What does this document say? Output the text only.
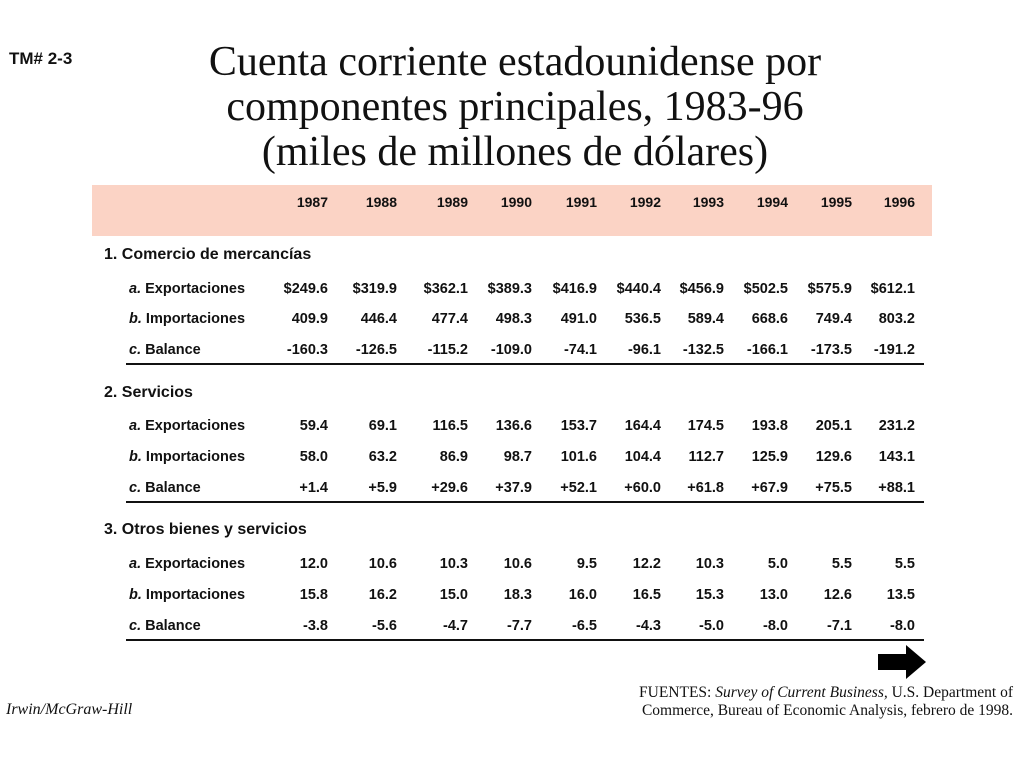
TM# 2-3	Cuenta corriente estadounidense por
componentes principales, 1983-96
(miles de millones de dólares)
Irwin/McGraw-Hill
FUENTES: Survey of Current Business, U.S. Department of
Commerce, Bureau of Economic Analysis, febrero de 1998.
1987	1988	1989	1990	1991	1992	1993	1994	1995	1996
1. Comercio de mercancías
a. Exportaciones	$249.6	$319.9	$362.1	$389.3	$416.9	$440.4	$456.9	$502.5	$575.9	$612.1
b. Importaciones	409.9	446.4	477.4	498.3	491.0	536.5	589.4	668.6	749.4	803.2
c. Balance	-160.3	-126.5	-115.2	-109.0	-74.1	-96.1	-132.5	-166.1	-173.5	-191.2
2. Servicios
a. Exportaciones	59.4	69.1	116.5	136.6	153.7	164.4	174.5	193.8	205.1	231.2
b. Importaciones	58.0	63.2	86.9	98.7	101.6	104.4	112.7	125.9	129.6	143.1
c. Balance	+1.4	+5.9	+29.6	+37.9	+52.1	+60.0	+61.8	+67.9	+75.5	+88.1
3. Otros bienes y servicios
a. Exportaciones	12.0	10.6	10.3	10.6	9.5	12.2	10.3	5.0	5.5	5.5
b. Importaciones	15.8	16.2	15.0	18.3	16.0	16.5	15.3	13.0	12.6	13.5
c. Balance	-3.8	-5.6	-4.7	-7.7	-6.5	-4.3	-5.0	-8.0	-7.1	-8.0
